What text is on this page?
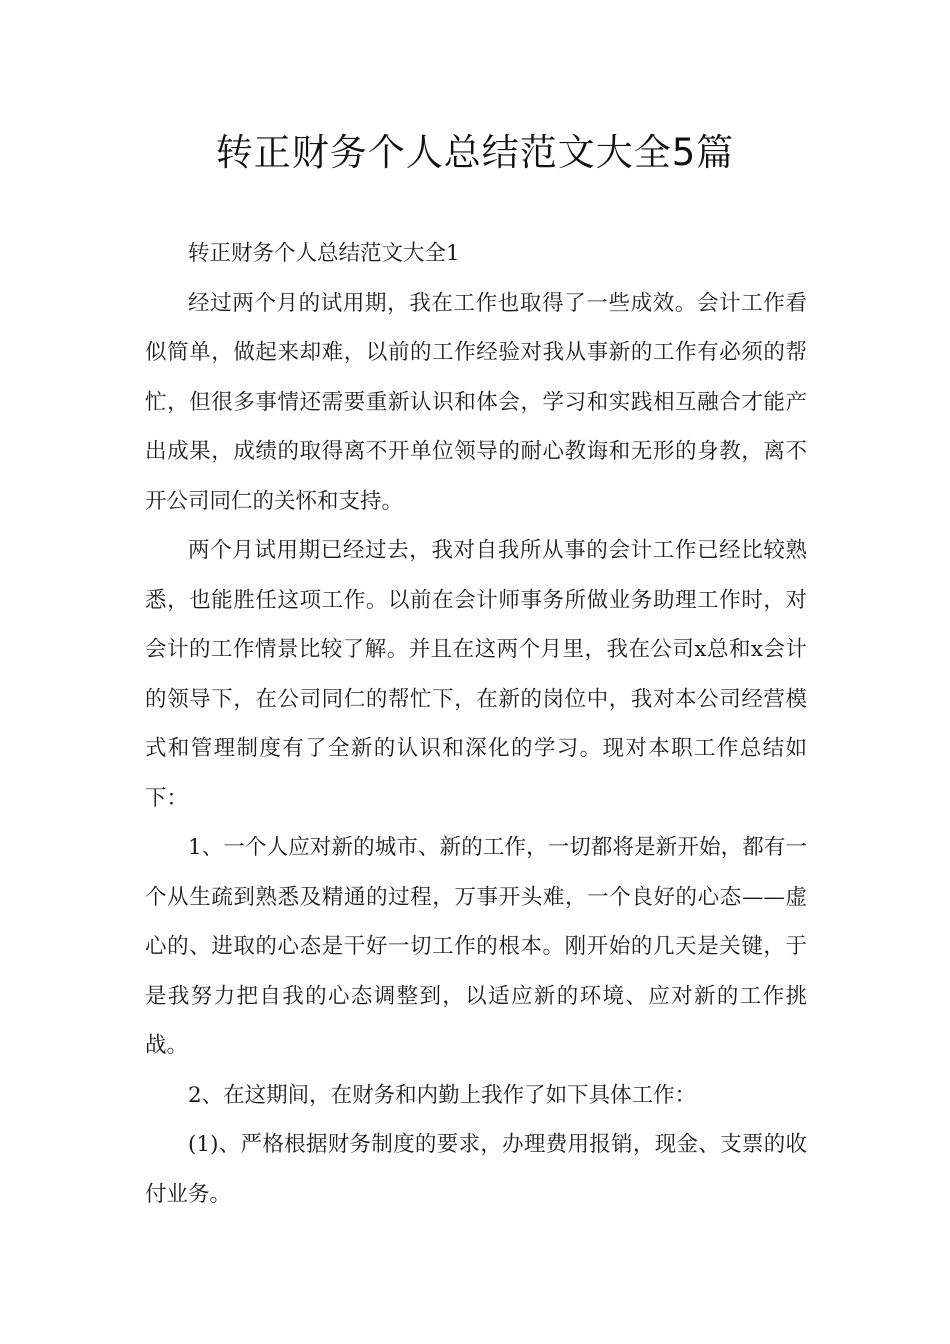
转正财务个人总结范文大全5篇

转正财务个人总结范文大全1

经过两个月的试用期，我在工作也取得了一些成效。会计工作看似简单，做起来却难，以前的工作经验对我从事新的工作有必须的帮忙，但很多事情还需要重新认识和体会，学习和实践相互融合才能产出成果，成绩的取得离不开单位领导的耐心教诲和无形的身教，离不开公司同仁的关怀和支持。

两个月试用期已经过去，我对自我所从事的会计工作已经比较熟悉，也能胜任这项工作。以前在会计师事务所做业务助理工作时，对会计的工作情景比较了解。并且在这两个月里，我在公司x总和x会计的领导下，在公司同仁的帮忙下，在新的岗位中，我对本公司经营模式和管理制度有了全新的认识和深化的学习。现对本职工作总结如下：

1、一个人应对新的城市、新的工作，一切都将是新开始，都有一个从生疏到熟悉及精通的过程，万事开头难，一个良好的心态——虚心的、进取的心态是干好一切工作的根本。刚开始的几天是关键，于是我努力把自我的心态调整到，以适应新的环境、应对新的工作挑战。

2、在这期间，在财务和内勤上我作了如下具体工作：

(1)、严格根据财务制度的要求，办理费用报销，现金、支票的收付业务。
